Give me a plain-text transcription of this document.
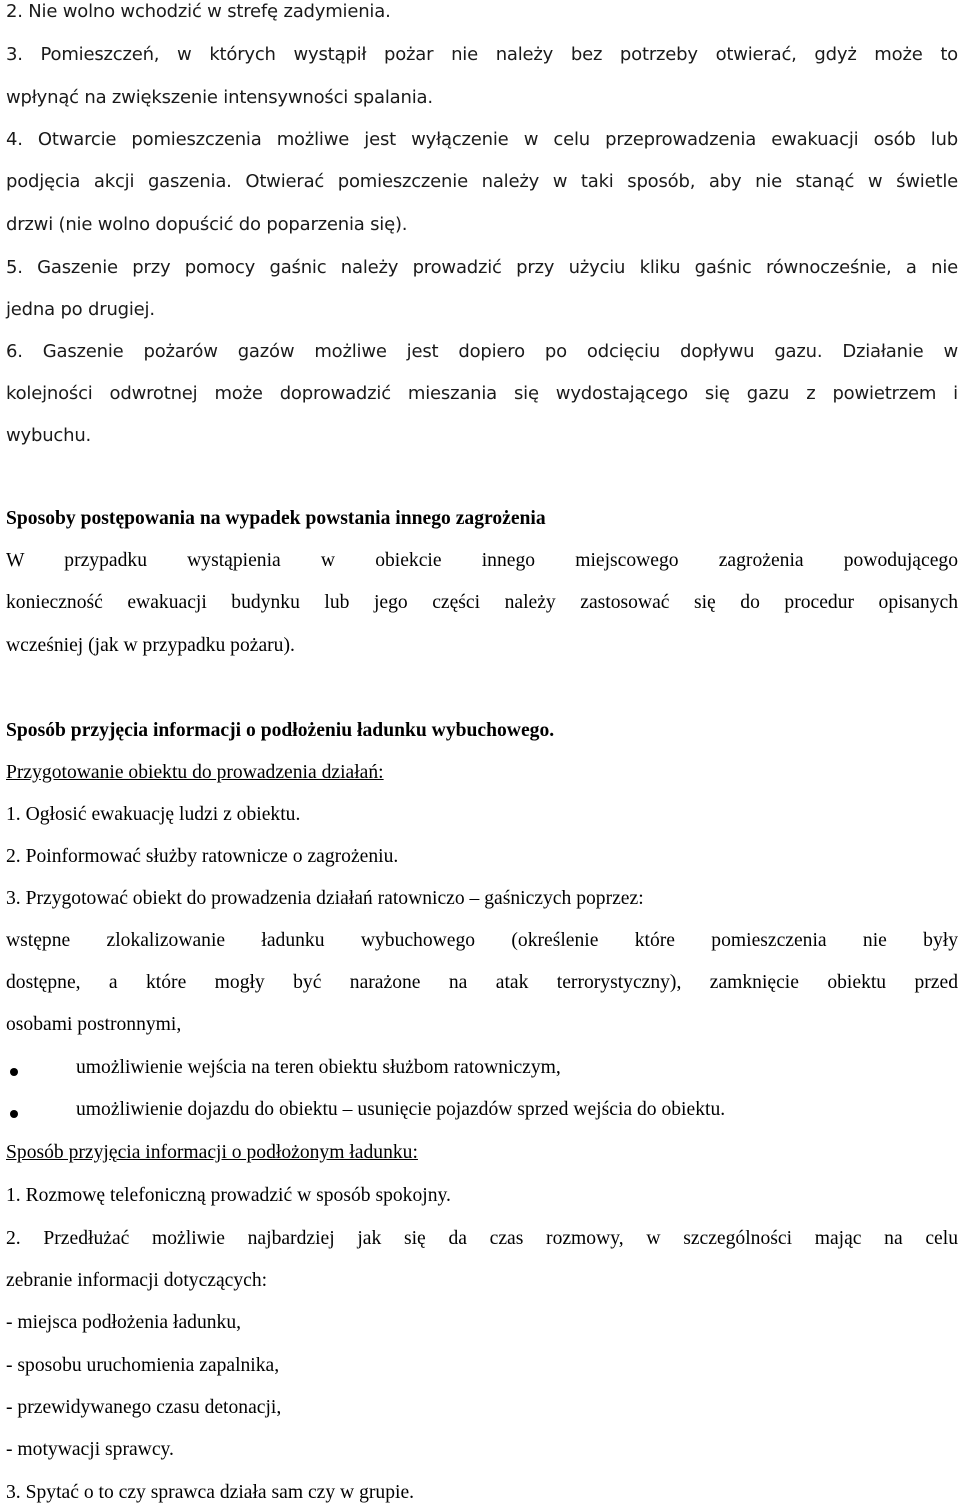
2. Nie wolno wchodzić w strefę zadymienia.

3. Pomieszczeń, w których wystąpił pożar nie należy bez potrzeby otwierać, gdyż może to

wpłynąć na zwiększenie intensywności spalania.

4. Otwarcie pomieszczenia możliwe jest wyłączenie w celu przeprowadzenia ewakuacji osób lub

podjęcia akcji gaszenia. Otwierać pomieszczenie należy w taki sposób, aby nie stanąć w świetle

drzwi (nie wolno dopuścić do poparzenia się).

5. Gaszenie przy pomocy gaśnic należy prowadzić przy użyciu kliku gaśnic równocześnie, a nie

jedna po drugiej.

6. Gaszenie pożarów gazów możliwe jest dopiero po odcięciu dopływu gazu. Działanie w

kolejności odwrotnej może doprowadzić mieszania się wydostającego się gazu z powietrzem i

wybuchu.

Sposoby postępowania na wypadek powstania innego zagrożenia

W przypadku wystąpienia w obiekcie innego miejscowego zagrożenia powodującego

konieczność ewakuacji budynku lub jego części należy zastosować się do procedur opisanych

wcześniej (jak w przypadku pożaru).

Sposób przyjęcia informacji o podłożeniu ładunku wybuchowego.

Przygotowanie obiektu do prowadzenia działań:

1. Ogłosić ewakuację ludzi z obiektu.

2. Poinformować służby ratownicze o zagrożeniu.

3. Przygotować obiekt do prowadzenia działań ratowniczo – gaśniczych poprzez:

wstępne zlokalizowanie ładunku wybuchowego (określenie które pomieszczenia nie były

dostępne, a które mogły być narażone na atak terrorystyczny), zamknięcie obiektu przed

osobami postronnymi,

umożliwienie wejścia na teren obiektu służbom ratowniczym,

umożliwienie dojazdu do obiektu – usunięcie pojazdów sprzed wejścia do obiektu.

Sposób przyjęcia informacji o podłożonym ładunku:

1. Rozmowę telefoniczną prowadzić w sposób spokojny.

2. Przedłużać możliwie najbardziej jak się da czas rozmowy, w szczególności mając na celu

zebranie informacji dotyczących:

- miejsca podłożenia ładunku,

- sposobu uruchomienia zapalnika,

- przewidywanego czasu detonacji,

- motywacji sprawcy.

3. Spytać o to czy sprawca działa sam czy w grupie.
